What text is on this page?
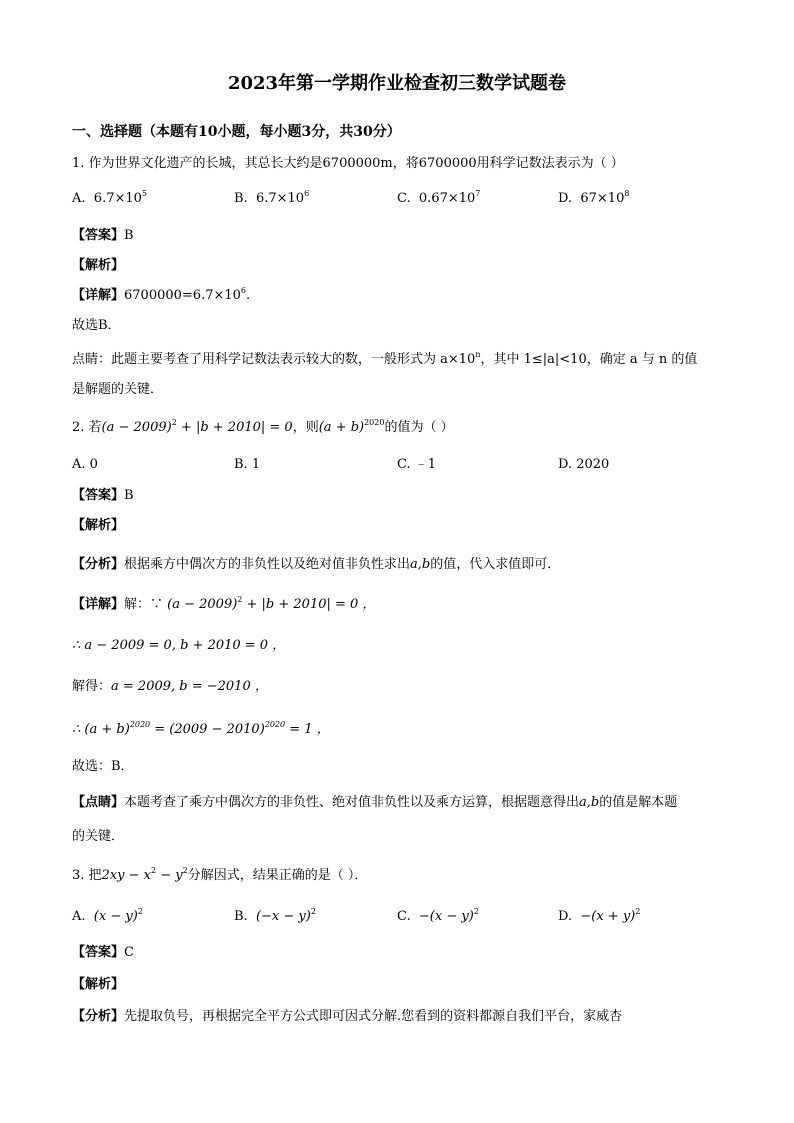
2023年第一学期作业检查初三数学试题卷
一、选择题（本题有10小题，每小题3分，共30分）
1. 作为世界文化遗产的长城，其总长大约是6700000m，将6700000用科学记数法表示为（ ）
A. $6.7\times 10^5$	B. $6.7\times 10^6$	C. $0.67\times 10^7$	D. $67\times 10^8$
【答案】B
【解析】
【详解】$6700000=6.7\times 10^6$.
故选B．
点睛：此题主要考查了用科学记数法表示较大的数，一般形式为 $a\times 10^n$，其中 1≤|a|<10，确定 a 与 n 的值
是解题的关键．
2. 若$(a - 2009)^2 + |b + 2010| = 0$，则$(a + b)^{2020}$的值为（ ）
A. 0	B. 1	C. ﹣1	D. 2020
【答案】B
【解析】
【分析】根据乘方中偶次方的非负性以及绝对值非负性求出a,b的值，代入求值即可．
【详解】解：∵ $(a - 2009)^2 + |b + 2010| = 0$ ，
∴ a − 2009 = 0, b + 2010 = 0 ，
解得：a = 2009, b = −2010 ，
∴ $(a + b)^{2020} = (2009 - 2010)^{2020} = 1$ ，
故选：B．
【点睛】本题考查了乘方中偶次方的非负性、绝对值非负性以及乘方运算，根据题意得出a,b的值是解本题
的关键．
3. 把$2xy - x^2 - y^2$分解因式，结果正确的是（ ）．
A. $(x - y)^2$	B. $(-x - y)^2$	C. $-(x - y)^2$	D. $-(x + y)^2$
【答案】C
【解析】
【分析】先提取负号，再根据完全平方公式即可因式分解.您看到的资料都源自我们平台，家威杏
